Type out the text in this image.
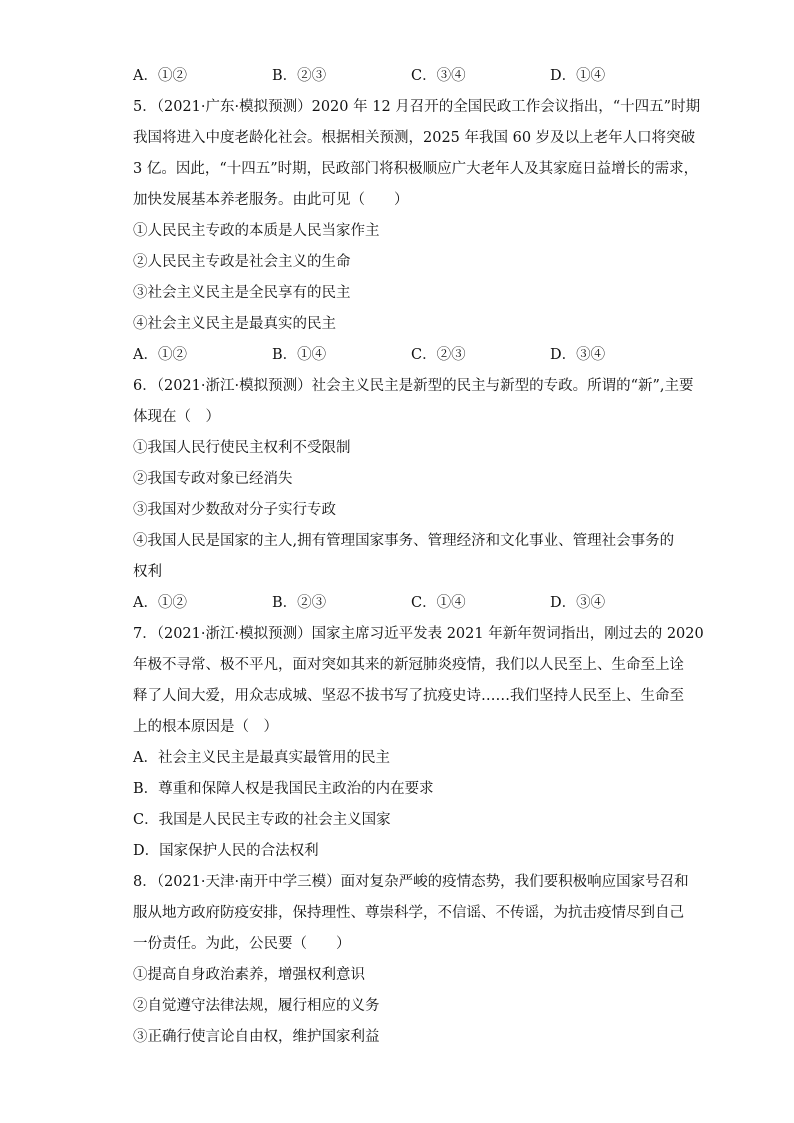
A．①②	B．②③	C．③④	D．①④
5．（2021·广东·模拟预测）2020 年 12 月召开的全国民政工作会议指出，“十四五”时期
我国将进入中度老龄化社会。根据相关预测，2025 年我国 60 岁及以上老年人口将突破
3 亿。因此，“十四五”时期，民政部门将积极顺应广大老年人及其家庭日益增长的需求，
加快发展基本养老服务。由此可见（　　）
①人民民主专政的本质是人民当家作主
②人民民主专政是社会主义的生命
③社会主义民主是全民享有的民主
④社会主义民主是最真实的民主
A．①②	B．①④	C．②③	D．③④
6．（2021·浙江·模拟预测）社会主义民主是新型的民主与新型的专政。所谓的“新”,主要
体现在（　）
①我国人民行使民主权利不受限制
②我国专政对象已经消失
③我国对少数敌对分子实行专政
④我国人民是国家的主人,拥有管理国家事务、管理经济和文化事业、管理社会事务的
权利
A．①②	B．②③	C．①④	D．③④
7．（2021·浙江·模拟预测）国家主席习近平发表 2021 年新年贺词指出，刚过去的 2020
年极不寻常、极不平凡，面对突如其来的新冠肺炎疫情，我们以人民至上、生命至上诠
释了人间大爱，用众志成城、坚忍不拔书写了抗疫史诗……我们坚持人民至上、生命至
上的根本原因是（　）
A．社会主义民主是最真实最管用的民主
B．尊重和保障人权是我国民主政治的内在要求
C．我国是人民民主专政的社会主义国家
D．国家保护人民的合法权利
8．（2021·天津·南开中学三模）面对复杂严峻的疫情态势，我们要积极响应国家号召和
服从地方政府防疫安排，保持理性、尊崇科学，不信谣、不传谣，为抗击疫情尽到自己
一份责任。为此，公民要（　　）
①提高自身政治素养，增强权利意识
②自觉遵守法律法规，履行相应的义务
③正确行使言论自由权，维护国家利益
